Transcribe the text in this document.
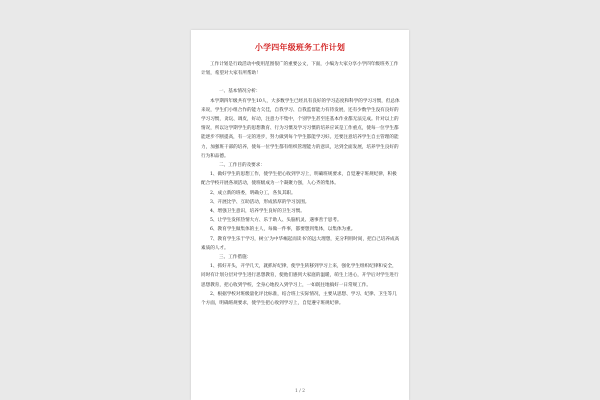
小学四年级班务工作计划

工作计划是行政活动中使用范围很广的重要公文，下面，小编为大家分享小学四年级班务工作计划，希望对大家有所帮助！

一、基本情况分析：

本学期四年级共有学生10人，大多数学生已经具有良好的学习态度和科学的学习习惯，但总体来说，学生们小组合作的能力欠佳，自我学习、自我监督能力有待发展，还有少数学生没有良好的学习习惯，贪玩、调皮，好动，注意力不集中，个别学生甚至连基本作业都无法完成。针对以上的情况，所以这学期学生的思想教育、行为习惯及学习习惯的培养应该是工作重点，使每一位学生都能逐步不断提高，有一定的进步，努力做到每个学生都能学习好。还要注意培养学生自主管理的能力，加强班干部的培养，使每一位学生都有组织管理能力的意识，达到全面发展，培养学生良好的行为和品德。

二、工作目的及要求：

1、做好学生的思想工作，使学生把心收到学习上，明确班规要求，自觉遵守班规纪律，积极配合学校开展各项活动，使班级成为一个凝聚力强，人心齐的集体。

2、成立新的班委，明确分工，各负其职。

3、开展比学、互助活动，形成浓厚的学习氛围。

4、增强卫生意识，培养学生良好的卫生习惯。

5、让学生发挥热情大方、乐于助人、头脑机灵、遇事善于思考。

6、教育学生做集体的主人，每做一件事，都要想到集体，以集体为重。

7、教育学生乐于学习，树立'为中华崛起而读书'的远大理想，充分利用时间，把自己培养成高素质的人才。

三、工作措施：

1、抓好开头，开学几天，就抓好纪律，使学生转移到学习上来，强化学生组织纪律和安全，同时有计划分层对学生进行思想教育，使他们感到大家庭的温暖，萌生上进心，开学后对学生进行思想教育，把心收到学校，全身心地投入到学习上，一如既往地搞好一日常规工作。

2、根据学校对班级量化评比标准，结合班上实际情况，主要从思想、学习、纪律、卫生等几个方面，明确班规要求，使学生把心收到学习上，自觉遵守班规纪律。

1 / 2
